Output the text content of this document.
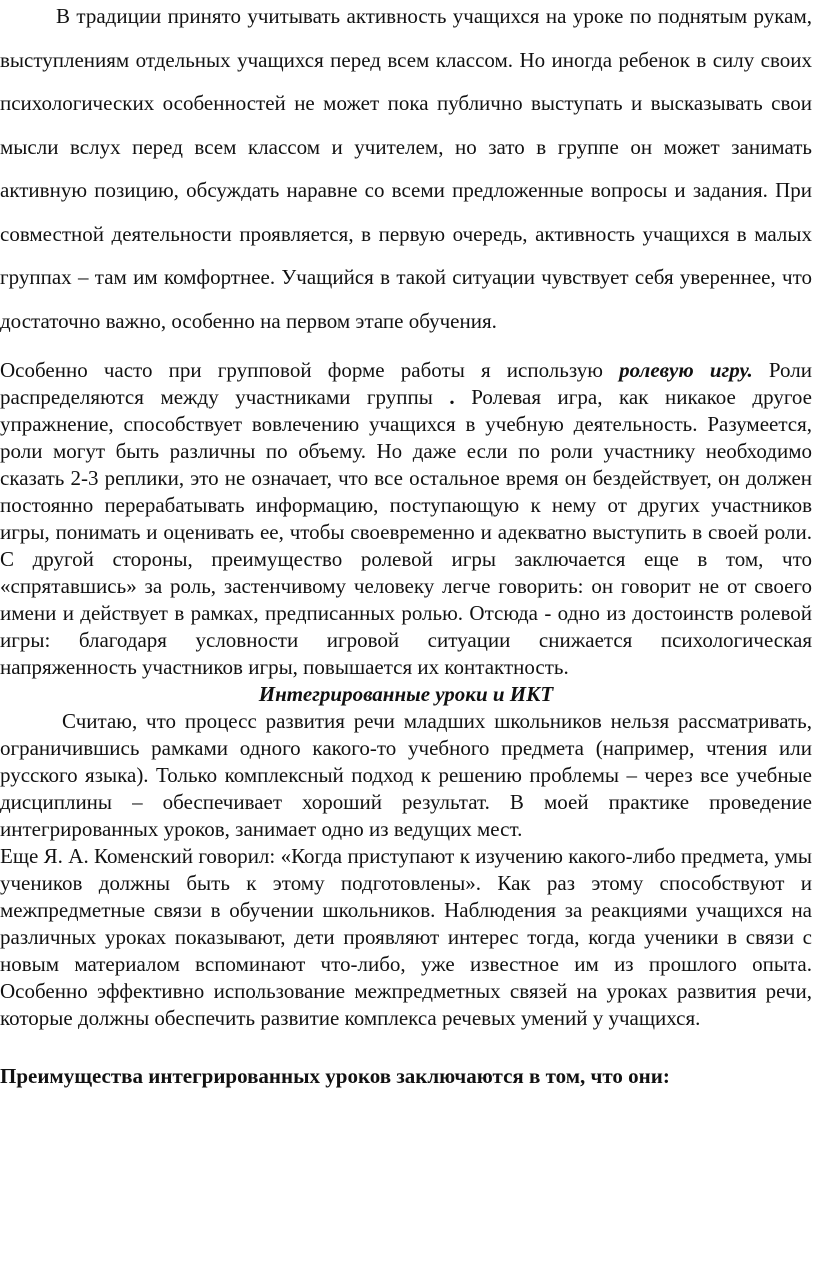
В традиции принято учитывать активность учащихся на уроке по поднятым рукам, выступлениям отдельных учащихся перед всем классом. Но иногда ребенок в силу своих психологических особенностей не может пока публично выступать и высказывать свои мысли вслух перед всем классом и учителем, но зато в группе он может занимать активную позицию, обсуждать наравне со всеми предложенные вопросы и задания. При совместной деятельности проявляется, в первую очередь, активность учащихся в малых группах – там им комфортнее. Учащийся в такой ситуации чувствует себя увереннее, что достаточно важно, особенно на первом этапе обучения.

Особенно часто при групповой форме работы я использую ролевую игру. Роли распределяются между участниками группы . Ролевая игра, как никакое другое упражнение, способствует вовлечению учащихся в учебную деятельность. Разумеется, роли могут быть различны по объему. Но даже если по роли участнику необходимо сказать 2-3 реплики, это не означает, что все остальное время он бездействует, он должен постоянно перерабатывать информацию, поступающую к нему от других участников игры, понимать и оценивать ее, чтобы своевременно и адекватно выступить в своей роли. С другой стороны, преимущество ролевой игры заключается еще в том, что «спрятавшись» за роль, застенчивому человеку легче говорить: он говорит не от своего имени и действует в рамках, предписанных ролью. Отсюда - одно из достоинств ролевой игры: благодаря условности игровой ситуации снижается психологическая напряженность участников игры, повышается их контактность.

Интегрированные уроки и ИКТ

Считаю, что процесс развития речи младших школьников нельзя рассматривать, ограничившись рамками одного какого-то учебного предмета (например, чтения или русского языка). Только комплексный подход к решению проблемы – через все учебные дисциплины – обеспечивает хороший результат. В моей практике проведение интегрированных уроков, занимает одно из ведущих мест.

Еще Я. А. Коменский говорил: «Когда приступают к изучению какого-либо предмета, умы учеников должны быть к этому подготовлены». Как раз этому способствуют и межпредметные связи в обучении школьников. Наблюдения за реакциями учащихся на различных уроках показывают, дети проявляют интерес тогда, когда ученики в связи с новым материалом вспоминают что-либо, уже известное им из прошлого опыта. Особенно эффективно использование межпредметных связей на уроках развития речи, которые должны обеспечить развитие комплекса речевых умений у учащихся.

Преимущества интегрированных уроков заключаются в том, что они:
